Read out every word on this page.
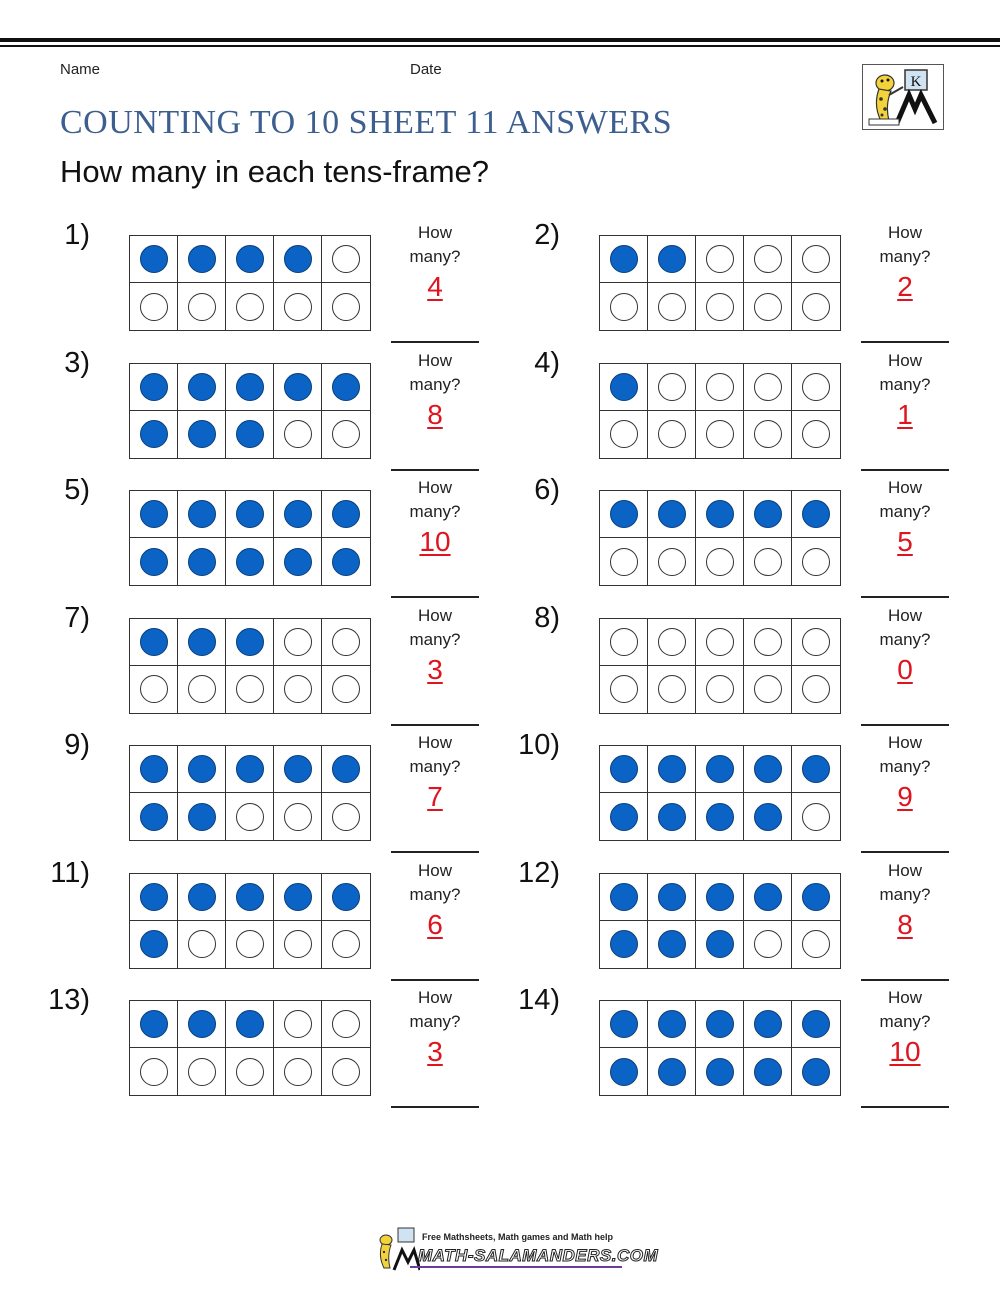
Name	Date
K
COUNTING TO 10 SHEET 11 ANSWERS
How many in each tens-frame?
1)	How
many?
4
2)	How
many?
2
3)	How
many?
8
4)	How
many?
1
5)	How
many?
10
6)	How
many?
5
7)	How
many?
3
8)	How
many?
0
9)	How
many?
7
10)	How
many?
9
11)	How
many?
6
12)	How
many?
8
13)	How
many?
3
14)	How
many?
10
Free Mathsheets, Math games and Math help
MATH-SALAMANDERS.COM
